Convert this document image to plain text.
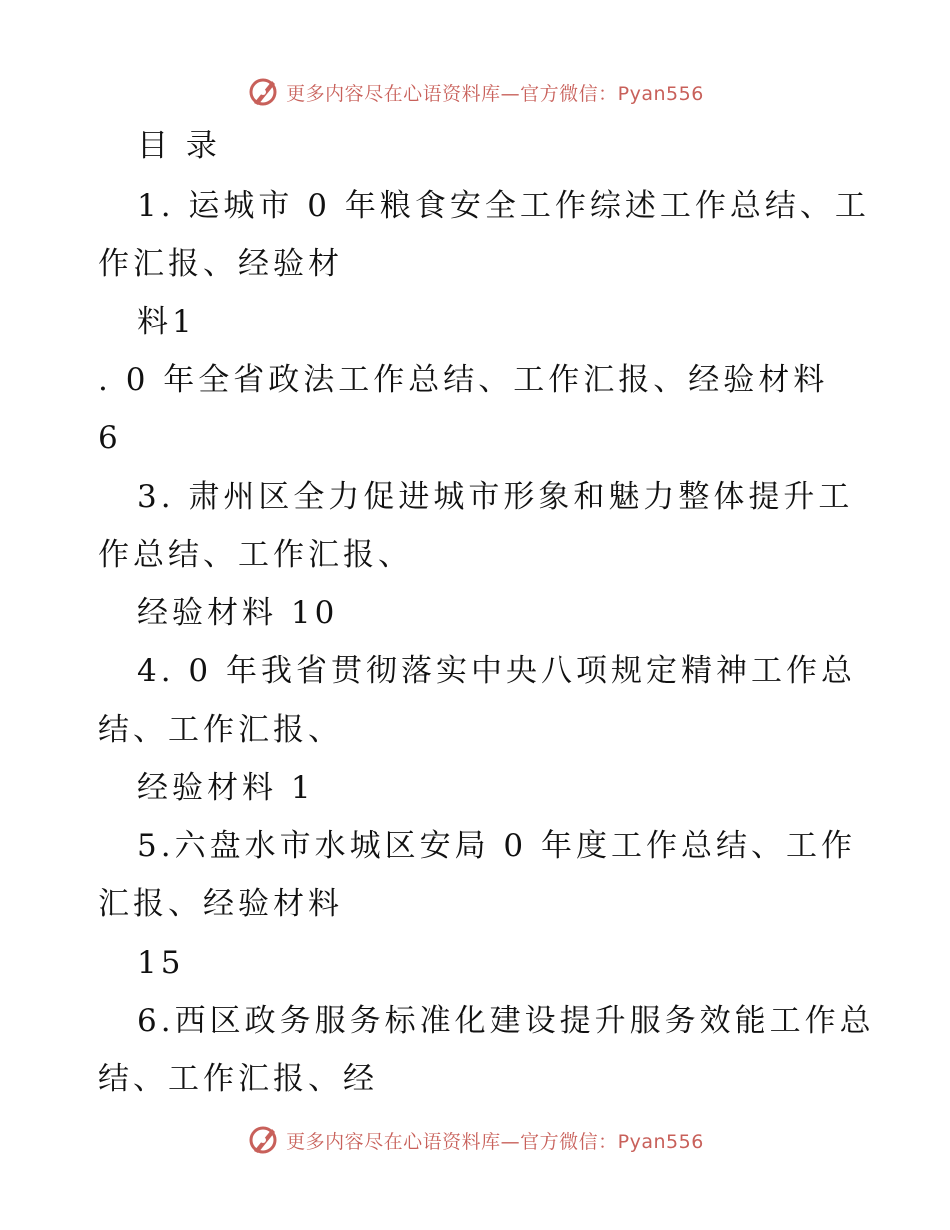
更多内容尽在心语资料库—官方微信：Pyan556
目 录
1. 运城市 0 年粮食安全工作综述工作总结、工
作汇报、经验材
料1
. 0 年全省政法工作总结、工作汇报、经验材料
6
3. 肃州区全力促进城市形象和魅力整体提升工
作总结、工作汇报、
经验材料 10
4. 0 年我省贯彻落实中央八项规定精神工作总
结、工作汇报、
经验材料 1
5.六盘水市水城区安局 0 年度工作总结、工作
汇报、经验材料
15
6.西区政务服务标准化建设提升服务效能工作总
结、工作汇报、经
更多内容尽在心语资料库—官方微信：Pyan556
